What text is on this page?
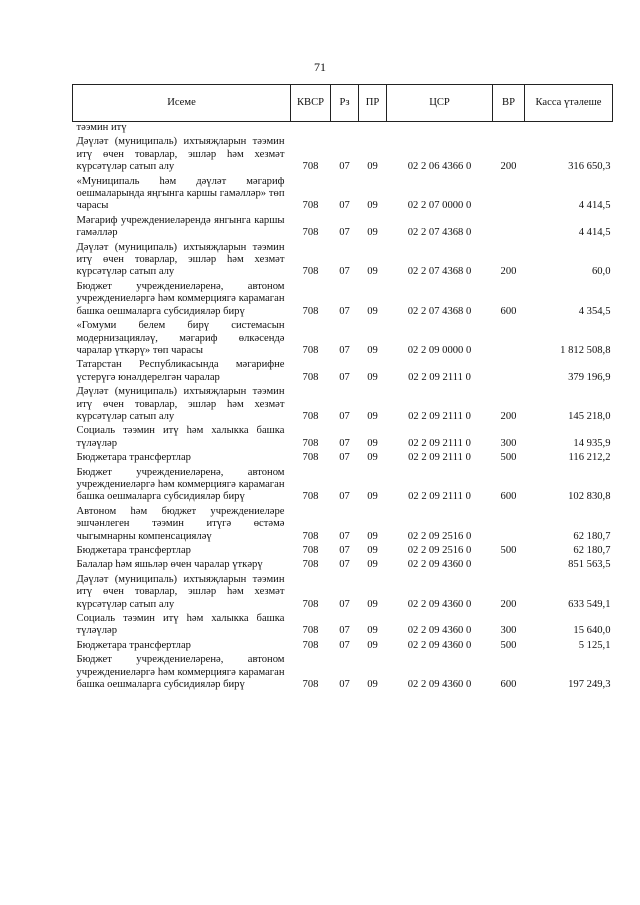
71
Исеме	КВСР	Рз	ПР	ЦСР	ВР	Касса үтәлеше
тәэмин итү						
Дәүләт (муниципаль) ихтыяҗларын тәэмин итү өчен товарлар, эшләр һәм хезмәт күрсәтүләр сатып алу	708	07	09	02 2 06 4366 0	200	316 650,3
«Муниципаль һәм дәүләт мәгариф оешмаларында яңгынга каршы гамәлләр» төп чарасы	708	07	09	02 2 07 0000 0		4 414,5
Мәгариф учреждениеләрендә янгынга каршы гамәлләр	708	07	09	02 2 07 4368 0		4 414,5
Дәүләт (муниципаль) ихтыяҗларын тәэмин итү өчен товарлар, эшләр һәм хезмәт күрсәтүләр сатып алу	708	07	09	02 2 07 4368 0	200	60,0
Бюджет учреждениеләренә, автоном учреждениеләргә һәм коммерциягә карамаган башка оешмаларга субсидияләр бирү	708	07	09	02 2 07 4368 0	600	4 354,5
«Гомуми белем бирү системасын модернизацияләү, мәгариф өлкәсендә чаралар үткәрү» төп чарасы	708	07	09	02 2 09 0000 0		1 812 508,8
Татарстан Республикасында мәгарифне үстерүгә юнәлдерелгән чаралар	708	07	09	02 2 09 2111 0		379 196,9
Дәүләт (муниципаль) ихтыяҗларын тәэмин итү өчен товарлар, эшләр һәм хезмәт күрсәтүләр сатып алу	708	07	09	02 2 09 2111 0	200	145 218,0
Социаль тәэмин итү һәм халыкка башка түләүләр	708	07	09	02 2 09 2111 0	300	14 935,9
Бюджетара трансфертлар	708	07	09	02 2 09 2111 0	500	116 212,2
Бюджет учреждениеләренә, автоном учреждениеләргә һәм коммерциягә карамаган башка оешмаларга субсидияләр бирү	708	07	09	02 2 09 2111 0	600	102 830,8
Автоном һәм бюджет учреждениеләре эшчәнлеген тәэмин итүгә өстәмә чыгымнарны компенсацияләү	708	07	09	02 2 09 2516 0		62 180,7
Бюджетара трансфертлар	708	07	09	02 2 09 2516 0	500	62 180,7
Балалар һәм яшьләр өчен чаралар үткәрү	708	07	09	02 2 09 4360 0		851 563,5
Дәүләт (муниципаль) ихтыяҗларын тәэмин итү өчен товарлар, эшләр һәм хезмәт күрсәтүләр сатып алу	708	07	09	02 2 09 4360 0	200	633 549,1
Социаль тәэмин итү һәм халыкка башка түләүләр	708	07	09	02 2 09 4360 0	300	15 640,0
Бюджетара трансфертлар	708	07	09	02 2 09 4360 0	500	5 125,1
Бюджет учреждениеләренә, автоном учреждениеләргә һәм коммерциягә карамаган башка оешмаларга субсидияләр бирү	708	07	09	02 2 09 4360 0	600	197 249,3
